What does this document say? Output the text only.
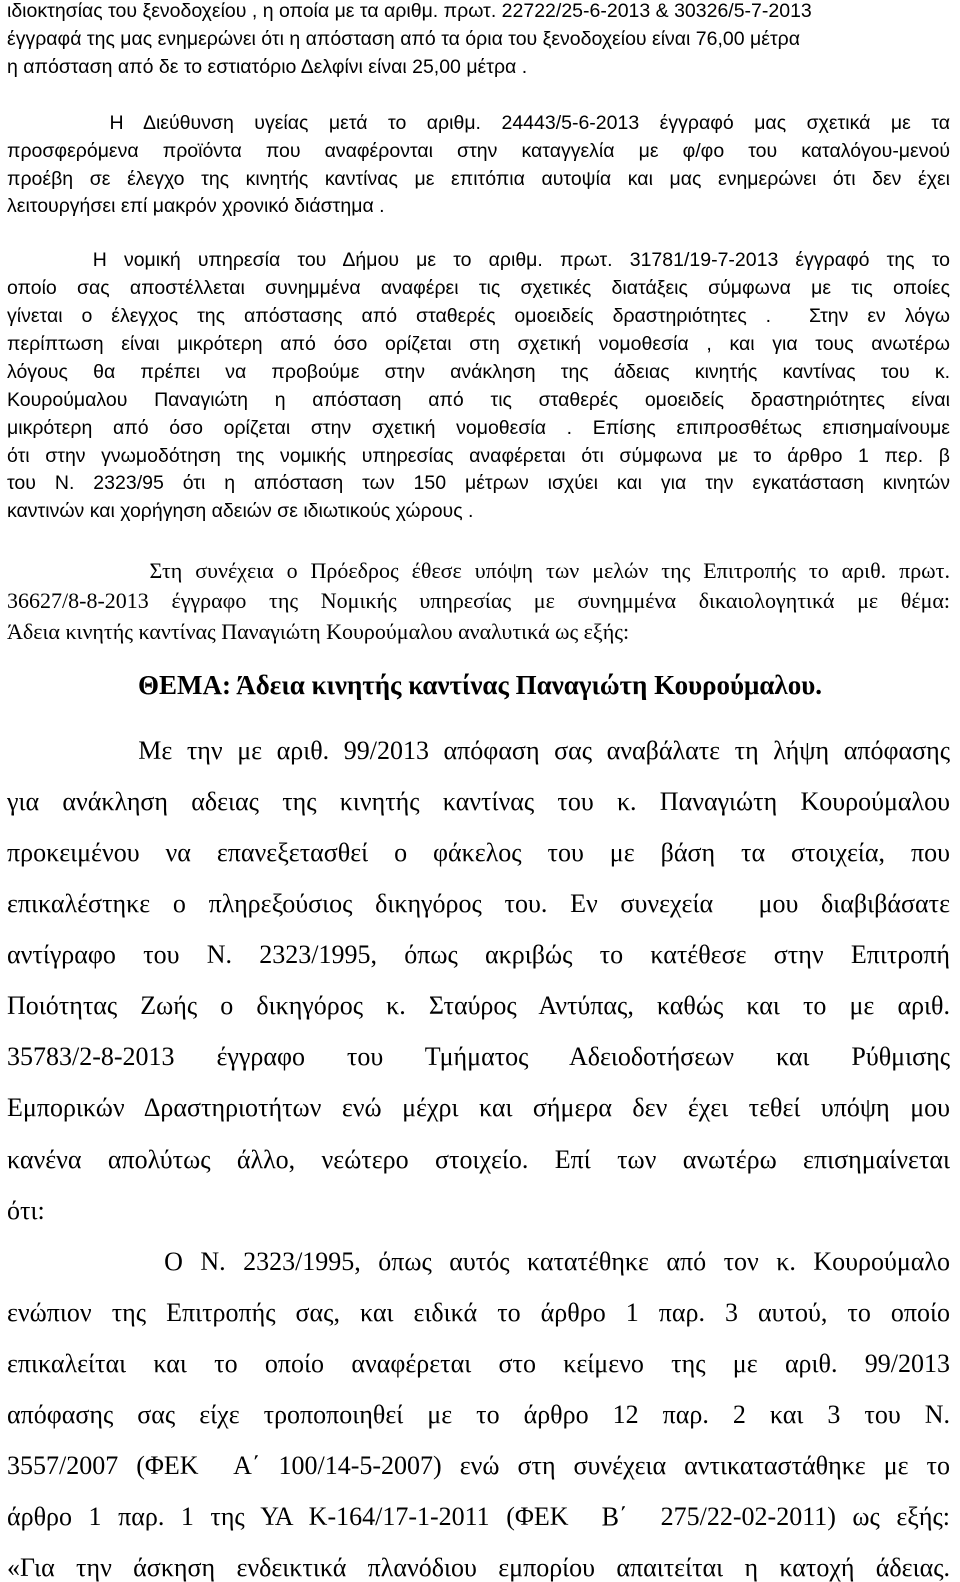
ιδιοκτησίας του ξενοδοχείου , η οποία με τα αριθμ. πρωτ. 22722/25-6-2013 & 30326/5-7-2013
έγγραφά της μας ενημερώνει ότι η απόσταση από τα όρια του ξενοδοχείου είναι 76,00 μέτρα
η απόσταση από δε το εστιατόριο Δελφίνι είναι 25,00 μέτρα .
Η Διεύθυνση υγείας μετά το αριθμ. 24443/5-6-2013 έγγραφό μας σχετικά με τα
προσφερόμενα προϊόντα που αναφέρονται στην καταγγελία με φ/φο του καταλόγου-μενού
προέβη σε έλεγχο της κινητής καντίνας με επιτόπια αυτοψία και μας ενημερώνει ότι δεν έχει
λειτουργήσει επί μακρόν χρονικό διάστημα .
Η νομική υπηρεσία του Δήμου με το αριθμ. πρωτ. 31781/19-7-2013 έγγραφό της το
οποίο σας αποστέλλεται συνημμένα αναφέρει τις σχετικές διατάξεις σύμφωνα με τις οποίες
γίνεται ο έλεγχος της απόστασης από σταθερές ομοειδείς δραστηριότητες .  Στην εν λόγω
περίπτωση είναι μικρότερη από όσο ορίζεται στη σχετική νομοθεσία , και για τους ανωτέρω
λόγους θα πρέπει να προβούμε στην ανάκληση της άδειας κινητής καντίνας του κ.
Κουρούμαλου Παναγιώτη η απόσταση από τις σταθερές ομοειδείς δραστηριότητες είναι
μικρότερη από όσο ορίζεται στην σχετική νομοθεσία . Επίσης επιπροσθέτως επισημαίνουμε
ότι στην γνωμοδότηση της νομικής υπηρεσίας αναφέρεται ότι σύμφωνα με το άρθρο 1 περ. β
του Ν. 2323/95 ότι η απόσταση των 150 μέτρων ισχύει και για την εγκατάσταση κινητών
καντινών και χορήγηση αδειών σε ιδιωτικούς χώρους .
Στη συνέχεια ο Πρόεδρος έθεσε υπόψη των μελών της Επιτροπής το αριθ. πρωτ.
36627/8-8-2013 έγγραφο της Νομικής υπηρεσίας με συνημμένα δικαιολογητικά με θέμα:
Άδεια κινητής καντίνας Παναγιώτη Κουρούμαλου αναλυτικά ως εξής:
ΘΕΜΑ: Άδεια κινητής καντίνας Παναγιώτη Κουρούμαλου.
Με την με αριθ. 99/2013 απόφαση σας αναβάλατε τη λήψη απόφασης
για ανάκληση αδειας της κινητής καντίνας του κ. Παναγιώτη Κουρούμαλου
προκειμένου να επανεξετασθεί ο φάκελος του με βάση τα στοιχεία, που
επικαλέστηκε ο πληρεξούσιος δικηγόρος του. Εν συνεχεία  μου διαβιβάσατε
αντίγραφο του Ν. 2323/1995, όπως ακριβώς το κατέθεσε στην Επιτροπή
Ποιότητας Ζωής ο δικηγόρος κ. Σταύρος Αντύπας, καθώς και το με αριθ.
35783/2-8-2013 έγγραφο του Τμήματος Αδειοδοτήσεων και Ρύθμισης
Εμπορικών Δραστηριοτήτων ενώ μέχρι και σήμερα δεν έχει τεθεί υπόψη μου
κανένα απολύτως άλλο, νεώτερο στοιχείο. Επί των ανωτέρω επισημαίνεται
ότι:
Ο Ν. 2323/1995, όπως αυτός κατατέθηκε από τον κ. Κουρούμαλο
ενώπιον της Επιτροπής σας, και ειδικά το άρθρο 1 παρ. 3 αυτού, το οποίο
επικαλείται και το οποίο αναφέρεται στο κείμενο της με αριθ. 99/2013
απόφασης σας είχε τροποποιηθεί με το άρθρο 12 παρ. 2 και 3 του Ν.
3557/2007 (ΦΕΚ  Α΄ 100/14-5-2007) ενώ στη συνέχεια αντικαταστάθηκε με το
άρθρο 1 παρ. 1 της ΥΑ Κ-164/17-1-2011 (ΦΕΚ  Β΄  275/22-02-2011) ως εξής:
«Για την άσκηση ενδεικτικά πλανόδιου εμπορίου απαιτείται η κατοχή άδειας.
